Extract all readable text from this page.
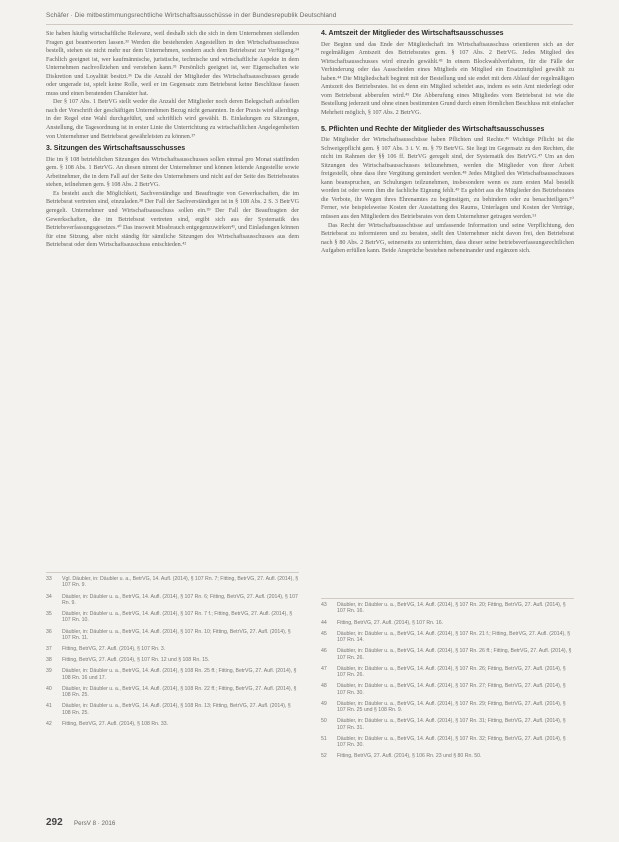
Schäfer · Die mitbestimmungsrechtliche Wirtschaftsausschüsse in der Bundesrepublik Deutschland

Sie haben häufig wirtschaftliche Relevanz, weil deshalb sich die sich in dem Unternehmen stellenden Fragen gut beantworten lassen.³³ Werden die bestehenden Angestellten in den Wirtschaftsausschuss bestellt, stehen sie nicht mehr nur dem Unternehmen, sondern auch dem Betriebsrat zur Verfügung.³⁴ Fachlich geeignet ist, wer kaufmännische, juristische, technische und wirtschaftliche Aspekte in dem Unternehmen nachvollziehen und verstehen kann.³⁵ Persönlich geeignet ist, wer Eigenschaften wie Diskretion und Loyalität besitzt.³⁶ Da die Anzahl der Mitglieder des Wirtschaftsausschusses gerade oder ungerade ist, spielt keine Rolle, weil er im Gegensatz zum Betriebsrat keine Beschlüsse fassen muss und einen beratenden Charakter hat.

Der § 107 Abs. 1 BetrVG stellt weder die Anzahl der Mitglieder noch deren Belegschaft aufstellen nach der Vorschrift der geschäftigen Unternehmen Bezug nicht genannten. In der Praxis wird allerdings in der Regel eine Wahl durchgeführt, und schriftlich wird gewählt. B. Einladungen zu Sitzungen, Anstellung, die Tagesordnung ist in erster Linie die Unterrichtung zu wirtschaftlichen Angelegenheiten von Unternehmer und Betriebsrat gewährleisten zu können.³⁷

3. Sitzungen des Wirtschaftsausschusses

Die im § 108 betrieblichen Sitzungen des Wirtschaftsausschusses sollen einmal pro Monat stattfinden gem. § 108 Abs. 1 BetrVG. An diesen nimmt der Unternehmer und können leitende Angestellte sowie Arbeitnehmer, die in dem Fall auf der Seite des Unternehmers und nicht auf der Seite des Betriebsrates stehen, teilnehmen gem. § 108 Abs. 2 BetrVG.

Es besteht auch die Möglichkeit, Sachverständige und Beauftragte von Gewerkschaften, die im Betriebsrat vertreten sind, einzuladen.³⁸ Der Fall der Sachverständigen ist in § 108 Abs. 2 S. 3 BetrVG geregelt. Unternehmer und Wirtschaftsausschuss sollen ein.³⁹ Der Fall der Beauftragten der Gewerkschaften, die im Betriebsrat vertreten sind, ergibt sich aus der Systematik des Betriebsverfassungsgesetzes.⁴⁰ Das insoweit Missbrauch entgegenzuwirken⁴¹, und Einladungen können für eine Sitzung, aber nicht ständig für sämtliche Sitzungen des Wirtschaftsausschusses aus dem Betriebsrat oder dem Wirtschaftsausschuss entschieden.⁴²

4. Amtszeit der Mitglieder des Wirtschaftsausschusses

Der Beginn und das Ende der Mitgliedschaft im Wirtschaftsausschuss orientieren sich an der regelmäßigen Amtszeit des Betriebsrates gem. § 107 Abs. 2 BetrVG. Jedes Mitglied des Wirtschaftsausschusses wird einzeln gewählt.⁴³ In einem Blockwahlverfahren, für die Fälle der Verhinderung oder das Ausscheiden eines Mitglieds ein Mitglied ein Ersatzmitglied gewählt zu haben.⁴⁴ Die Mitgliedschaft beginnt mit der Bestellung und sie endet mit dem Ablauf der regelmäßigen Amtszeit des Betriebsrates. Ist es denn ein Mitglied scheidet aus, indem es sein Amt niederlegt oder vom Betriebsrat abberufen wird.⁴⁵ Die Abberufung eines Mitgliedes vom Betriebsrat ist wie die Bestellung jederzeit und ohne einen bestimmten Grund durch einen förmlichen Beschluss mit einfacher Mehrheit möglich, § 107 Abs. 2 BetrVG.

5. Pflichten und Rechte der Mitglieder des Wirtschaftsausschusses

Die Mitglieder der Wirtschaftsausschüsse haben Pflichten und Rechte.⁴⁶ Wichtige Pflicht ist die Schweigepflicht gem. § 107 Abs. 3 i. V. m. § 79 BetrVG. Sie liegt im Gegensatz zu den Rechten, die nicht im Rahmen der §§ 106 ff. BetrVG geregelt sind, der Systematik des BetrVG.⁴⁷ Um an den Sitzungen des Wirtschaftsausschusses teilzunehmen, werden die Mitglieder von ihrer Arbeit freigestellt, ohne dass ihre Vergütung gemindert werden.⁴⁸ Jedes Mitglied des Wirtschaftsausschusses kann beanspruchen, an Schulungen teilzunehmen, insbesondere wenn es zum ersten Mal bestellt worden ist oder wenn ihm die fachliche Eignung fehlt.⁴⁹ Es gehört aus die Mitglieder des Betriebsrates die Verbote, ihr Wegen ihres Ehrenamtes zu begünstigen, zu behindern oder zu benachteiligen.⁵⁰ Ferner, wie beispielsweise Kosten der Ausstattung des Raums, Unterlagen und Kosten der Verträge, müssen aus den Mitgliedern des Betriebsrates von dem Unternehmer getragen werden.⁵¹

Das Recht der Wirtschaftsausschüsse auf umfassende Information und seine Verpflichtung, den Betriebsrat zu informieren und zu beraten, stellt den Unternehmer nicht davon frei, den Betriebsrat nach § 80 Abs. 2 BetrVG, seinerseits zu unterrichten, dass dieser seine betriebsverfassungsrechtlichen Aufgaben erfüllen kann. Beide Ansprüche bestehen nebeneinander und ergänzen sich.

33 Vgl. Däubler, in: Däubler u. a., BetrVG, 14. Aufl. (2014), § 107 Rn. 7; Fitting, BetrVG, 27. Aufl. (2014), § 107 Rn. 9.
34 Däubler, in: Däubler u. a., BetrVG, 14. Aufl. (2014), § 107 Rn. 6; Fitting, BetrVG, 27. Aufl. (2014), § 107 Rn. 9.
35 Däubler, in: Däubler u. a., BetrVG, 14. Aufl. (2014), § 107 Rn. 7 f.; Fitting, BetrVG, 27. Aufl. (2014), § 107 Rn. 10.
36 Däubler, in: Däubler u. a., BetrVG, 14. Aufl. (2014), § 107 Rn. 10; Fitting, BetrVG, 27. Aufl. (2014), § 107 Rn. 11.
37 Fitting, BetrVG, 27. Aufl. (2014), § 107 Rn. 3.
38 Fitting, BetrVG, 27. Aufl. (2014), § 107 Rn. 12 und § 108 Rn. 15.
39 Däubler, in: Däubler u. a., BetrVG, 14. Aufl. (2014), § 108 Rn. 25 ff.; Fitting, BetrVG, 27. Aufl. (2014), § 108 Rn. 16 und 17.
40 Däubler, in: Däubler u. a., BetrVG, 14. Aufl. (2014), § 108 Rn. 22 ff.; Fitting, BetrVG, 27. Aufl. (2014), § 108 Rn. 25.
41 Däubler, in: Däubler u. a., BetrVG, 14. Aufl. (2014), § 108 Rn. 13; Fitting, BetrVG, 27. Aufl. (2014), § 108 Rn. 25.
42 Fitting, BetrVG, 27. Aufl. (2014), § 108 Rn. 33.
43 Däubler, in: Däubler u. a., BetrVG, 14. Aufl. (2014), § 107 Rn. 20; Fitting, BetrVG, 27. Aufl. (2014), § 107 Rn. 16.
44 Fitting, BetrVG, 27. Aufl. (2014), § 107 Rn. 16.
45 Däubler, in: Däubler u. a., BetrVG, 14. Aufl. (2014), § 107 Rn. 21 f.; Fitting, BetrVG, 27. Aufl. (2014), § 107 Rn. 14.
46 Däubler, in: Däubler u. a., BetrVG, 14. Aufl. (2014), § 107 Rn. 26 ff.; Fitting, BetrVG, 27. Aufl. (2014), § 107 Rn. 26.
47 Däubler, in: Däubler u. a., BetrVG, 14. Aufl. (2014), § 107 Rn. 26; Fitting, BetrVG, 27. Aufl. (2014), § 107 Rn. 26.
48 Däubler, in: Däubler u. a., BetrVG, 14. Aufl. (2014), § 107 Rn. 27; Fitting, BetrVG, 27. Aufl. (2014), § 107 Rn. 30.
49 Däubler, in: Däubler u. a., BetrVG, 14. Aufl. (2014), § 107 Rn. 29; Fitting, BetrVG, 27. Aufl. (2014), § 107 Rn. 25 und § 108 Rn. 9.
50 Däubler, in: Däubler u. a., BetrVG, 14. Aufl. (2014), § 107 Rn. 31; Fitting, BetrVG, 27. Aufl. (2014), § 107 Rn. 31.
51 Däubler, in: Däubler u. a., BetrVG, 14. Aufl. (2014), § 107 Rn. 32; Fitting, BetrVG, 27. Aufl. (2014), § 107 Rn. 30.
52 Fitting, BetrVG, 27. Aufl. (2014), § 106 Rn. 23 und § 80 Rn. 50.
292 PersV 8 · 2016
